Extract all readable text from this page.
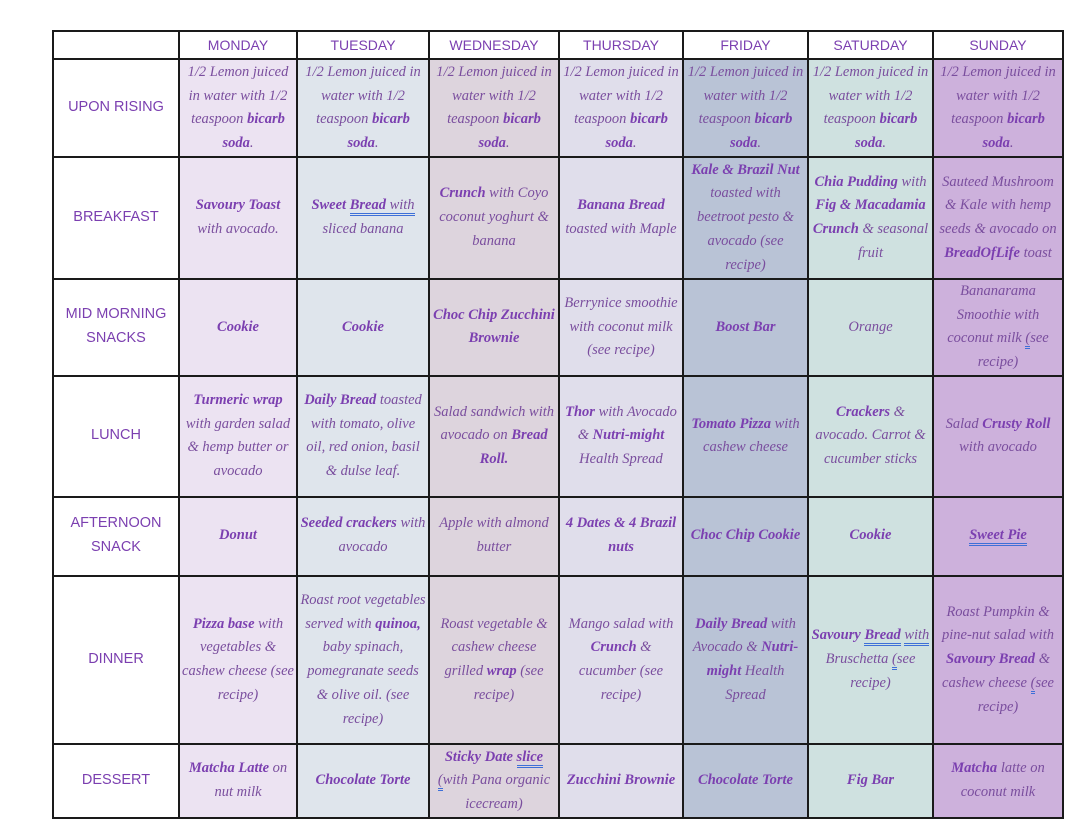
	MONDAY	TUESDAY	WEDNESDAY	THURSDAY	FRIDAY	SATURDAY	SUNDAY
UPON RISING	1/2 Lemon juiced in water with 1/2 teaspoon bicarb soda.	1/2 Lemon juiced in water with 1/2 teaspoon bicarb soda.	1/2 Lemon juiced in water with 1/2 teaspoon bicarb soda.	1/2 Lemon juiced in water with 1/2 teaspoon bicarb soda.	1/2 Lemon juiced in water with 1/2 teaspoon bicarb soda.	1/2 Lemon juiced in water with 1/2 teaspoon bicarb soda.	1/2 Lemon juiced in water with 1/2 teaspoon bicarb soda.
BREAKFAST	Savoury Toast with avocado.	Sweet Bread with sliced banana	Crunch with Coyo coconut yoghurt & banana	Banana Bread toasted with Maple	Kale & Brazil Nut toasted with beetroot pesto & avocado (see recipe)	Chia Pudding with Fig & Macadamia Crunch & seasonal fruit	Sauteed Mushroom & Kale with hemp seeds & avocado on BreadOfLife toast
MID MORNING SNACKS	Cookie	Cookie	Choc Chip Zucchini Brownie	Berrynice smoothie with coconut milk (see recipe)	Boost Bar	Orange	Bananarama Smoothie with coconut milk (see recipe)
LUNCH	Turmeric wrap with garden salad & hemp butter or avocado	Daily Bread toasted with tomato, olive oil, red onion, basil & dulse leaf.	Salad sandwich with avocado on Bread Roll.	Thor with Avocado & Nutri-might Health Spread	Tomato Pizza with cashew cheese	Crackers & avocado. Carrot & cucumber sticks	Salad Crusty Roll with avocado
AFTERNOON SNACK	Donut	Seeded crackers with avocado	Apple with almond butter	4 Dates & 4 Brazil nuts	Choc Chip Cookie	Cookie	Sweet Pie
DINNER	Pizza base with vegetables & cashew cheese (see recipe)	Roast root vegetables served with quinoa, baby spinach, pomegranate seeds & olive oil. (see recipe)	Roast vegetable & cashew cheese grilled wrap (see recipe)	Mango salad with Crunch & cucumber (see recipe)	Daily Bread with Avocado & Nutri-might Health Spread	Savoury Bread with Bruschetta (see recipe)	Roast Pumpkin & pine-nut salad with Savoury Bread & cashew cheese (see recipe)
DESSERT	Matcha Latte on nut milk	Chocolate Torte	Sticky Date slice (with Pana organic icecream)	Zucchini Brownie	Chocolate Torte	Fig Bar	Matcha latte on coconut milk
